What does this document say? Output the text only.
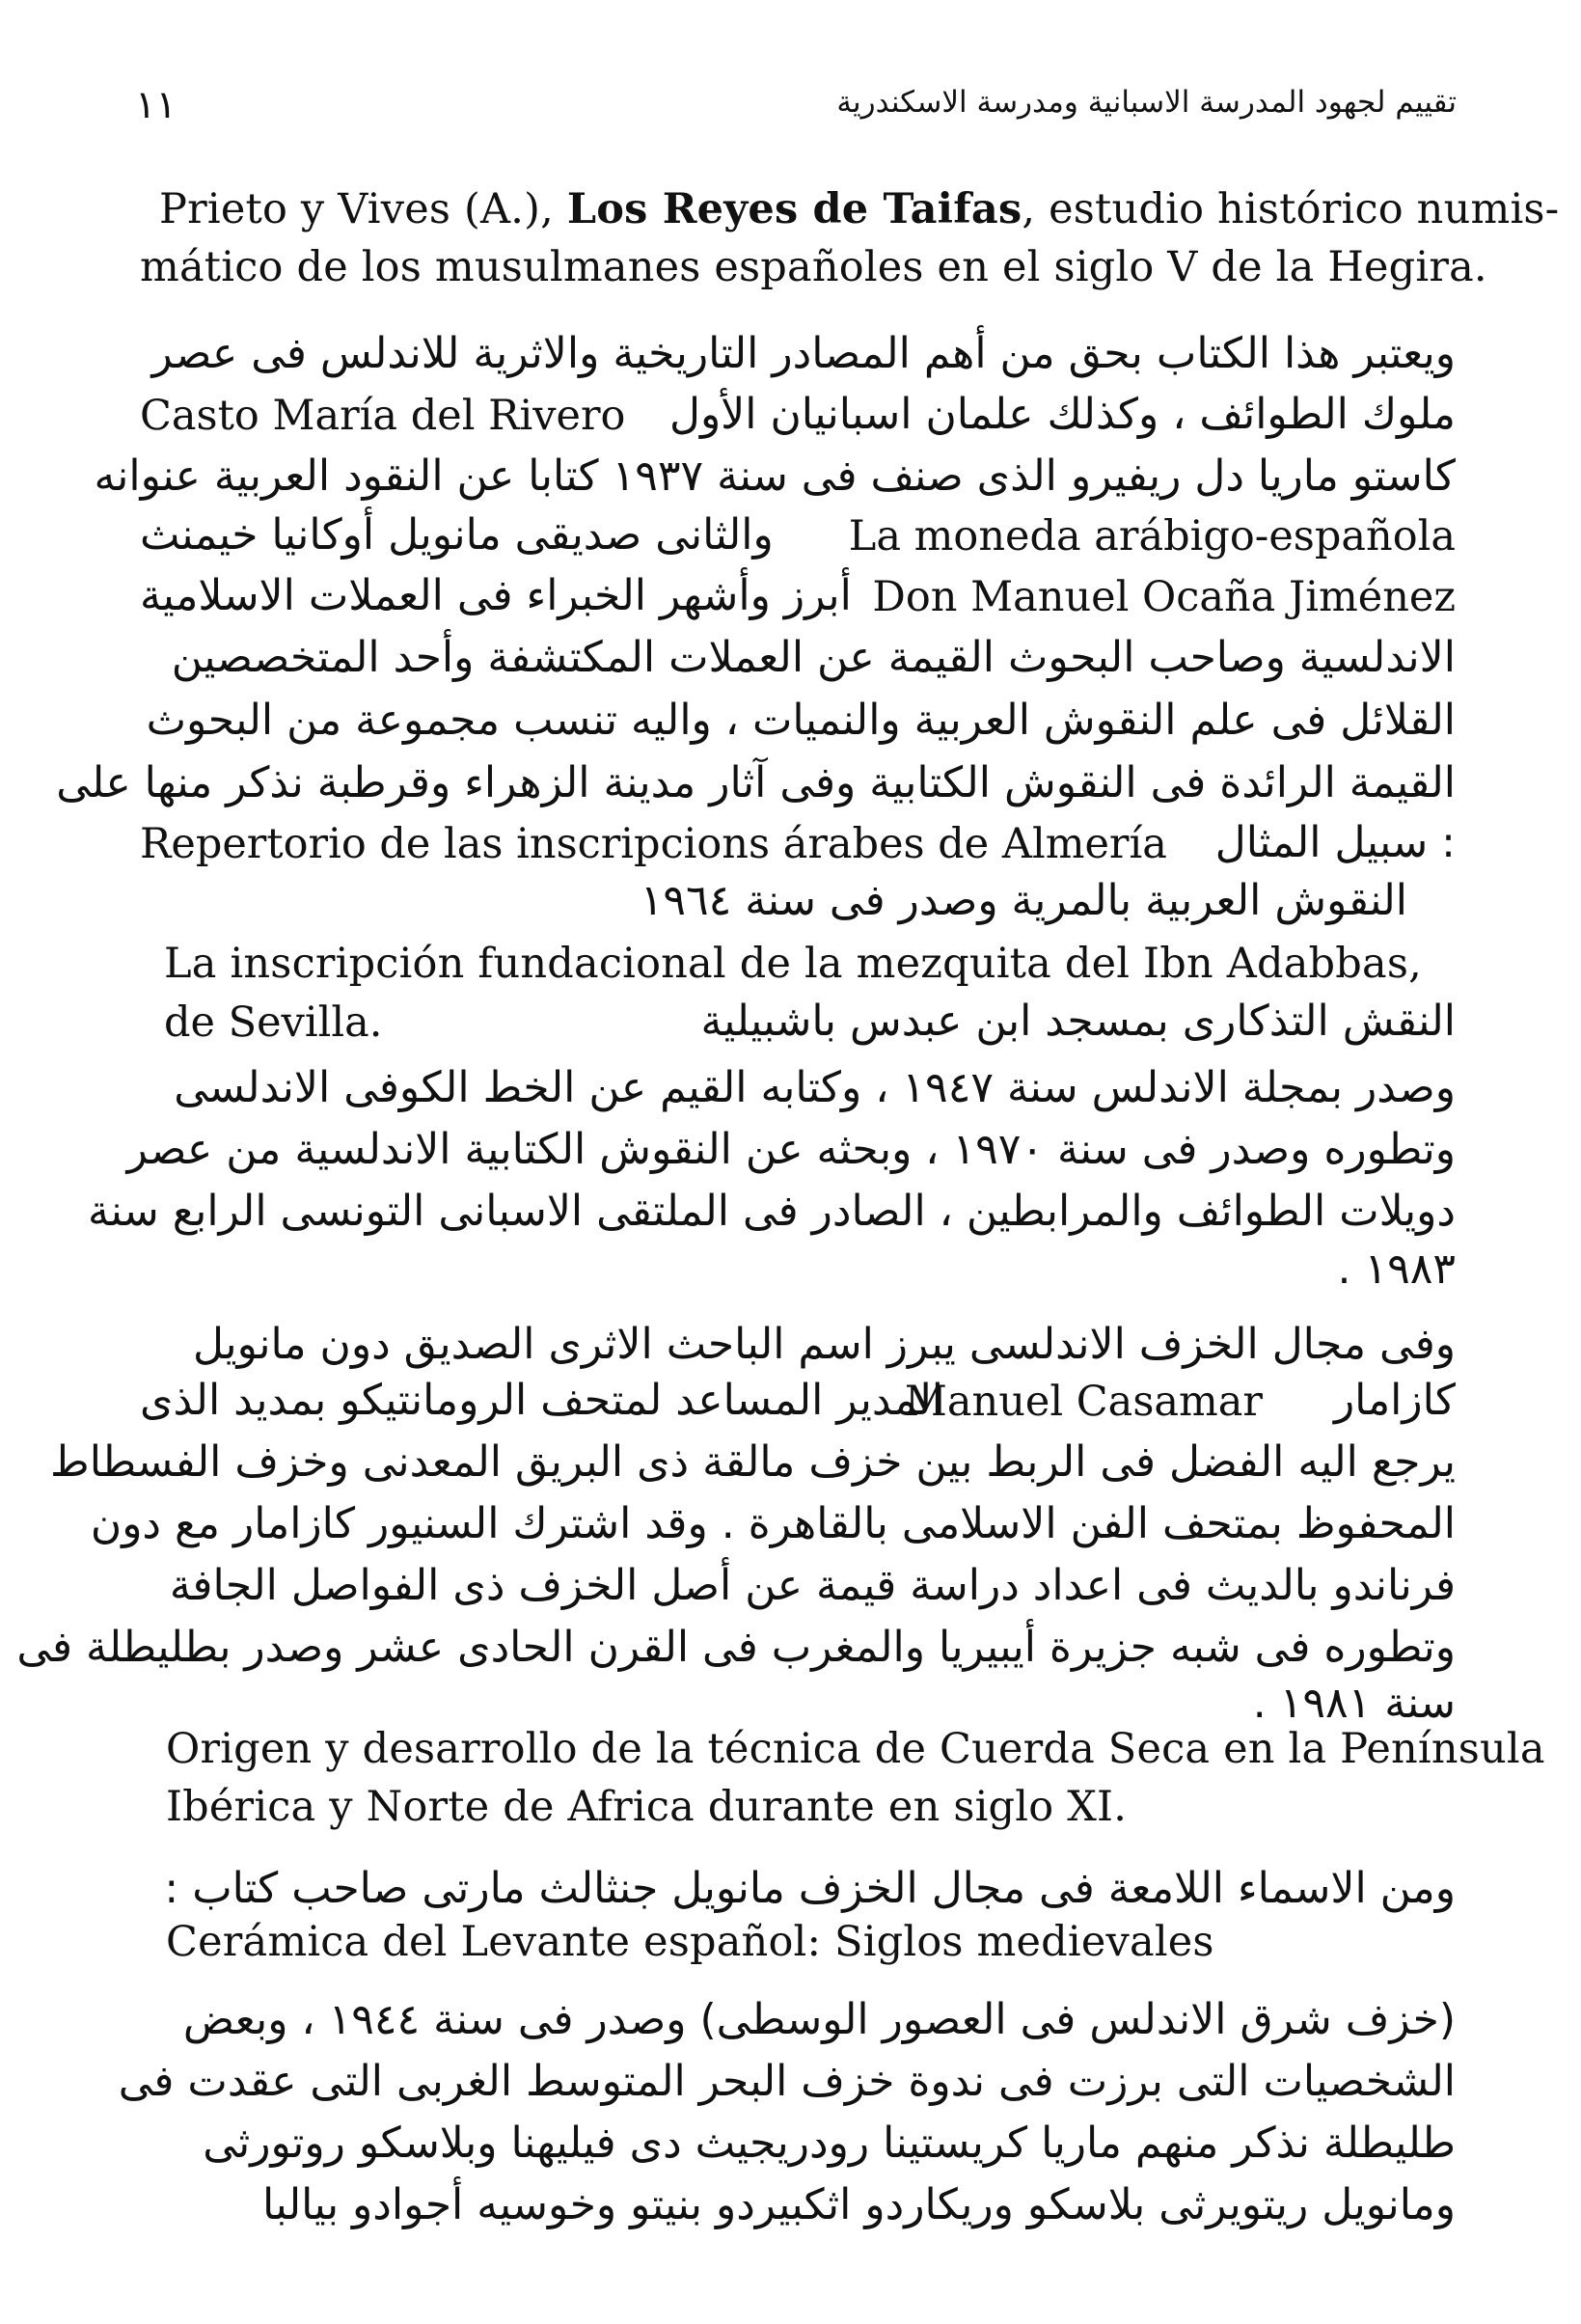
١١	تقييم لجهود المدرسة الاسبانية ومدرسة الاسكندرية
Prieto y Vives (A.), Los Reyes de Taifas, estudio histórico numis-
mático de los musulmanes españoles en el siglo V de la Hegira.
ويعتبر هذا الكتاب بحق من أهم المصادر التاريخية والاثرية للاندلس فى عصر
ملوك الطوائف ، وكذلك علمان اسبانيان الأول
Casto María del Rivero
كاستو ماريا دل ريفيرو الذى صنف فى سنة ١٩٣٧ كتابا عن النقود العربية عنوانه
والثانى صديقى مانويل أوكانيا خيمنث La moneda arábigo-española
أبرز وأشهر الخبراء فى العملات الاسلامية Don Manuel Ocaña Jiménez
الاندلسية وصاحب البحوث القيمة عن العملات المكتشفة وأحد المتخصصين
القلائل فى علم النقوش العربية والنميات ، واليه تنسب مجموعة من البحوث
القيمة الرائدة فى النقوش الكتابية وفى آثار مدينة الزهراء وقرطبة نذكر منها على
: سبيل المثال
Repertorio de las inscripcions árabes de Almería
النقوش العربية بالمرية وصدر فى سنة ١٩٦٤
La inscripción fundacional de la mezquita del Ibn Adabbas,
de Sevilla.	النقش التذكارى بمسجد ابن عبدس باشبيلية
وصدر بمجلة الاندلس سنة ١٩٤٧ ، وكتابه القيم عن الخط الكوفى الاندلسى
وتطوره وصدر فى سنة ١٩٧٠ ، وبحثه عن النقوش الكتابية الاندلسية من عصر
دويلات الطوائف والمرابطين ، الصادر فى الملتقى الاسبانى التونسى الرابع سنة
١٩٨٣ .
وفى مجال الخزف الاندلسى يبرز اسم الباحث الاثرى الصديق دون مانويل
كازامار
Manuel Casamar
المدير المساعد لمتحف الرومانتيكو بمديد الذى
يرجع اليه الفضل فى الربط بين خزف مالقة ذى البريق المعدنى وخزف الفسطاط
المحفوظ بمتحف الفن الاسلامى بالقاهرة . وقد اشترك السنيور كازامار مع دون
فرناندو بالديث فى اعداد دراسة قيمة عن أصل الخزف ذى الفواصل الجافة
وتطوره فى شبه جزيرة أيبيريا والمغرب فى القرن الحادى عشر وصدر بطليطلة فى
سنة ١٩٨١ .
Origen y desarrollo de la técnica de Cuerda Seca en la Península
Ibérica y Norte de Africa durante en siglo XI.
ومن الاسماء اللامعة فى مجال الخزف مانويل جنثالث مارتى صاحب كتاب :
Cerámica del Levante español: Siglos medievales
(خزف شرق الاندلس فى العصور الوسطى) وصدر فى سنة ١٩٤٤ ، وبعض
الشخصيات التى برزت فى ندوة خزف البحر المتوسط الغربى التى عقدت فى
طليطلة نذكر منهم ماريا كريستينا رودريجيث دى فيليهنا وبلاسكو روتورثى
ومانويل ريتويرثى بلاسكو وريكاردو اثكبيردو بنيتو وخوسيه أجوادو بيالبا
